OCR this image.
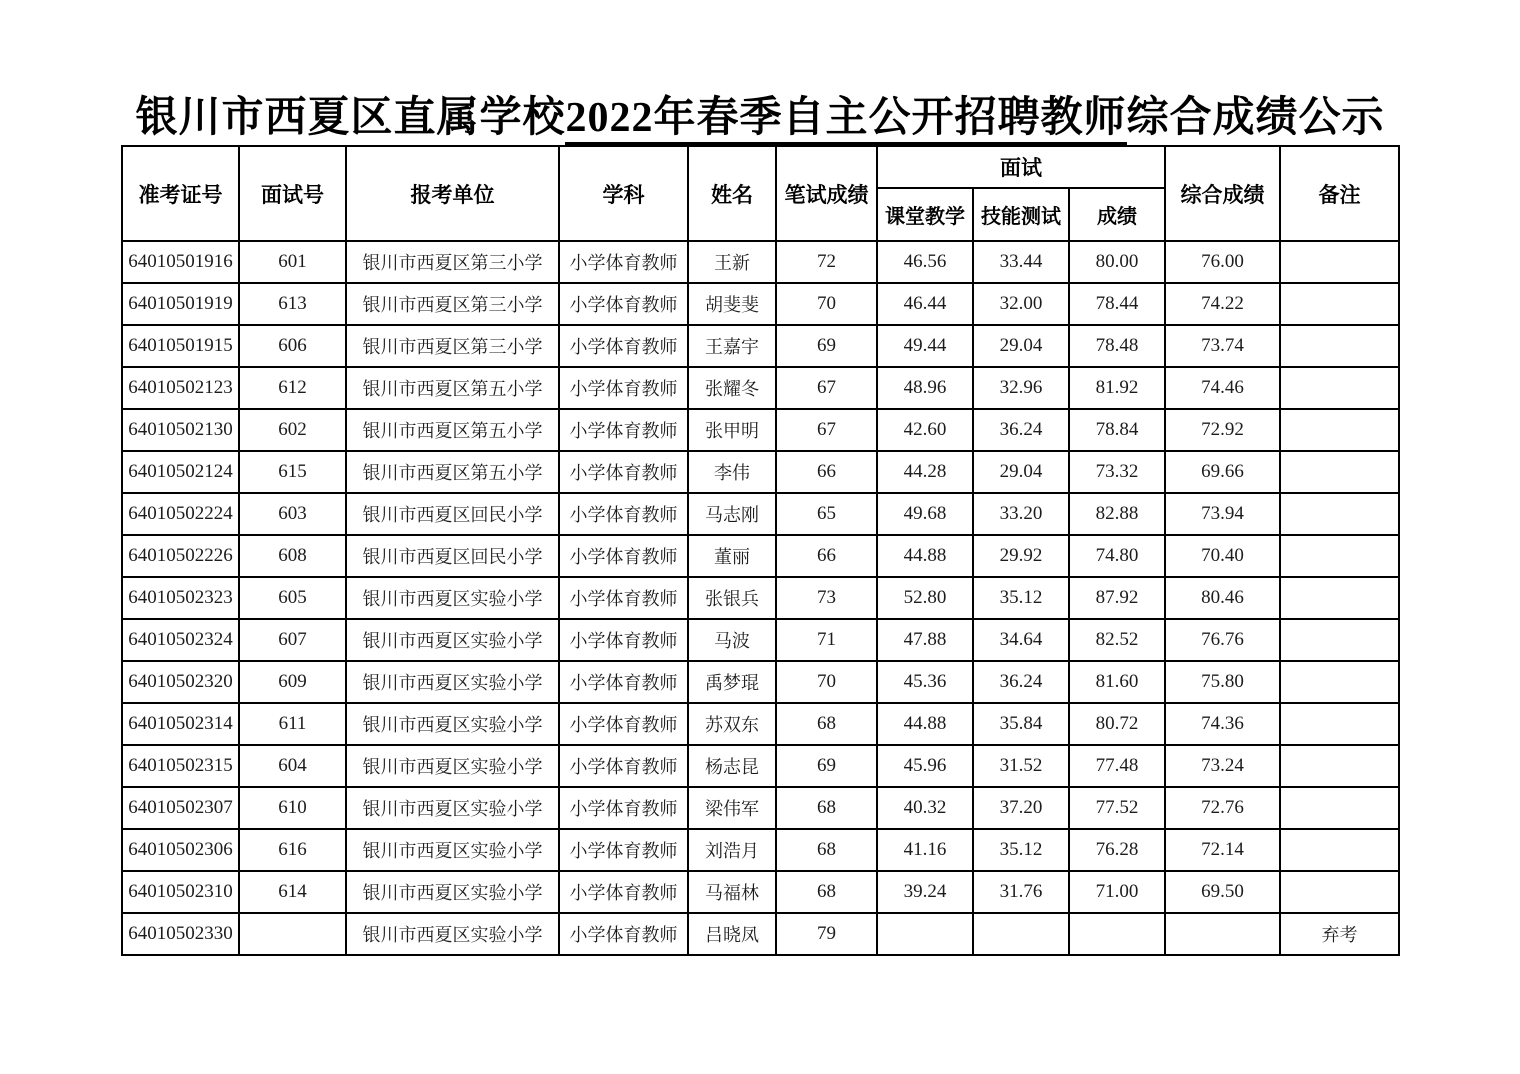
银川市西夏区直属学校2022年春季自主公开招聘教师综合成绩公示
准考证号	面试号	报考单位	学科	姓名	笔试成绩	面试			综合成绩	备注
						课堂教学	技能测试	成绩		
64010501916	601	银川市西夏区第三小学	小学体育教师	王新	72	46.56	33.44	80.00	76.00	
64010501919	613	银川市西夏区第三小学	小学体育教师	胡斐斐	70	46.44	32.00	78.44	74.22	
64010501915	606	银川市西夏区第三小学	小学体育教师	王嘉宇	69	49.44	29.04	78.48	73.74	
64010502123	612	银川市西夏区第五小学	小学体育教师	张耀冬	67	48.96	32.96	81.92	74.46	
64010502130	602	银川市西夏区第五小学	小学体育教师	张甲明	67	42.60	36.24	78.84	72.92	
64010502124	615	银川市西夏区第五小学	小学体育教师	李伟	66	44.28	29.04	73.32	69.66	
64010502224	603	银川市西夏区回民小学	小学体育教师	马志刚	65	49.68	33.20	82.88	73.94	
64010502226	608	银川市西夏区回民小学	小学体育教师	董丽	66	44.88	29.92	74.80	70.40	
64010502323	605	银川市西夏区实验小学	小学体育教师	张银兵	73	52.80	35.12	87.92	80.46	
64010502324	607	银川市西夏区实验小学	小学体育教师	马波	71	47.88	34.64	82.52	76.76	
64010502320	609	银川市西夏区实验小学	小学体育教师	禹梦琨	70	45.36	36.24	81.60	75.80	
64010502314	611	银川市西夏区实验小学	小学体育教师	苏双东	68	44.88	35.84	80.72	74.36	
64010502315	604	银川市西夏区实验小学	小学体育教师	杨志昆	69	45.96	31.52	77.48	73.24	
64010502307	610	银川市西夏区实验小学	小学体育教师	梁伟军	68	40.32	37.20	77.52	72.76	
64010502306	616	银川市西夏区实验小学	小学体育教师	刘浩月	68	41.16	35.12	76.28	72.14	
64010502310	614	银川市西夏区实验小学	小学体育教师	马福林	68	39.24	31.76	71.00	69.50	
64010502330		银川市西夏区实验小学	小学体育教师	吕晓凤	79					弃考
